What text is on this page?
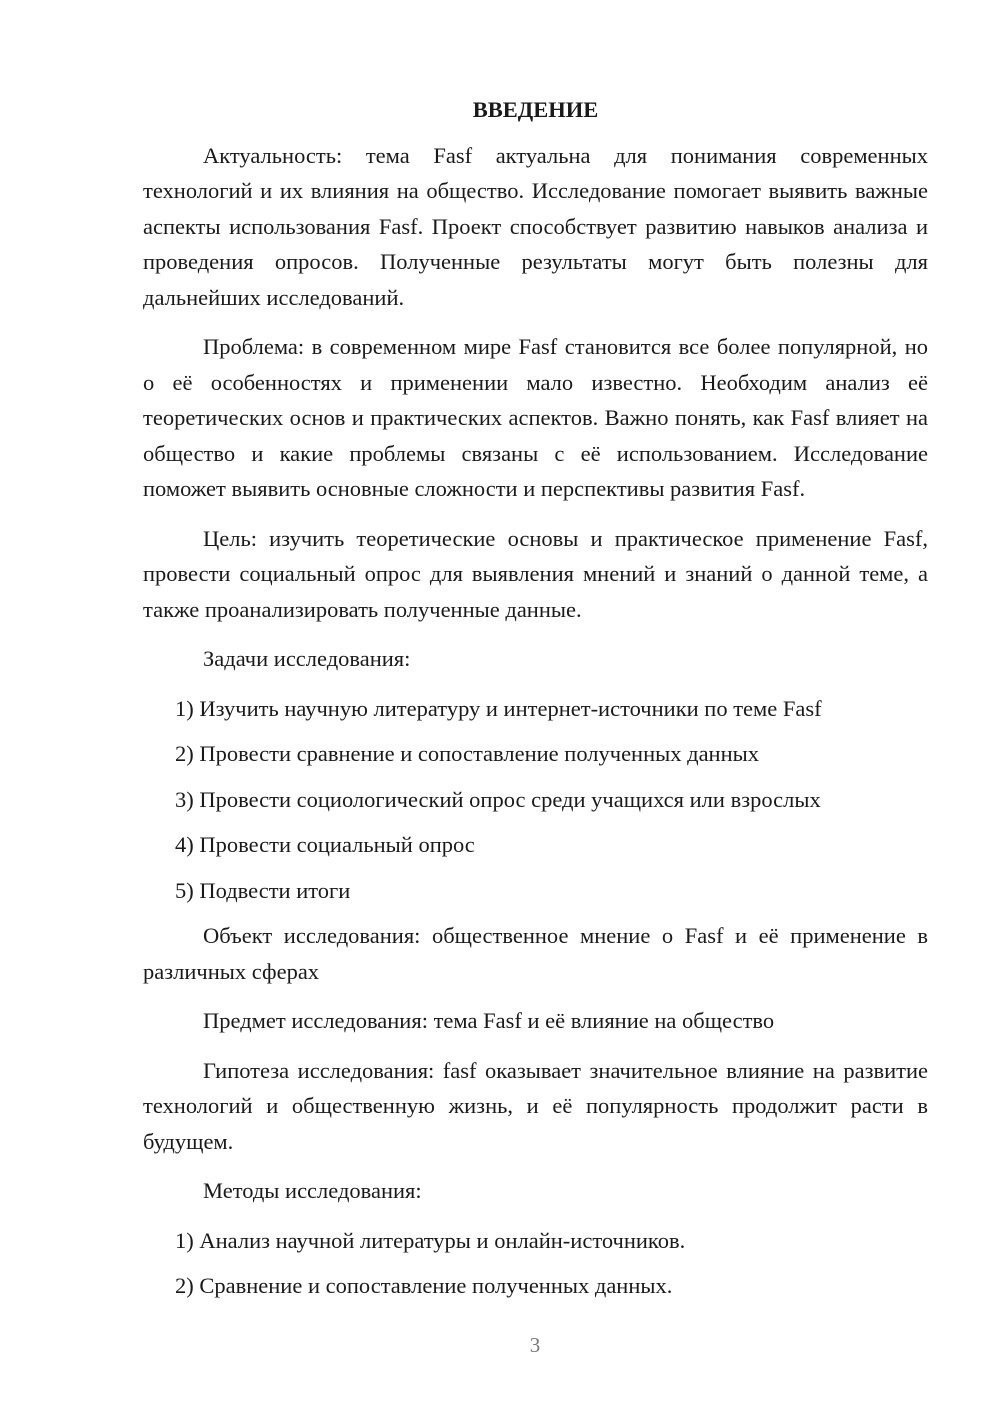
ВВЕДЕНИЕ

Актуальность: тема Fasf актуальна для понимания современных технологий и их влияния на общество. Исследование помогает выявить важные аспекты использования Fasf. Проект способствует развитию навыков анализа и проведения опросов. Полученные результаты могут быть полезны для дальнейших исследований.

Проблема: в современном мире Fasf становится все более популярной, но о её особенностях и применении мало известно. Необходим анализ её теоретических основ и практических аспектов. Важно понять, как Fasf влияет на общество и какие проблемы связаны с её использованием. Исследование поможет выявить основные сложности и перспективы развития Fasf.

Цель: изучить теоретические основы и практическое применение Fasf, провести социальный опрос для выявления мнений и знаний о данной теме, а также проанализировать полученные данные.

Задачи исследования:

1) Изучить научную литературу и интернет-источники по теме Fasf
2) Провести сравнение и сопоставление полученных данных
3) Провести социологический опрос среди учащихся или взрослых
4) Провести социальный опрос
5) Подвести итоги

Объект исследования: общественное мнение о Fasf и её применение в различных сферах

Предмет исследования: тема Fasf и её влияние на общество

Гипотеза исследования: fasf оказывает значительное влияние на развитие технологий и общественную жизнь, и её популярность продолжит расти в будущем.

Методы исследования:

1) Анализ научной литературы и онлайн-источников.
2) Сравнение и сопоставление полученных данных.
3
